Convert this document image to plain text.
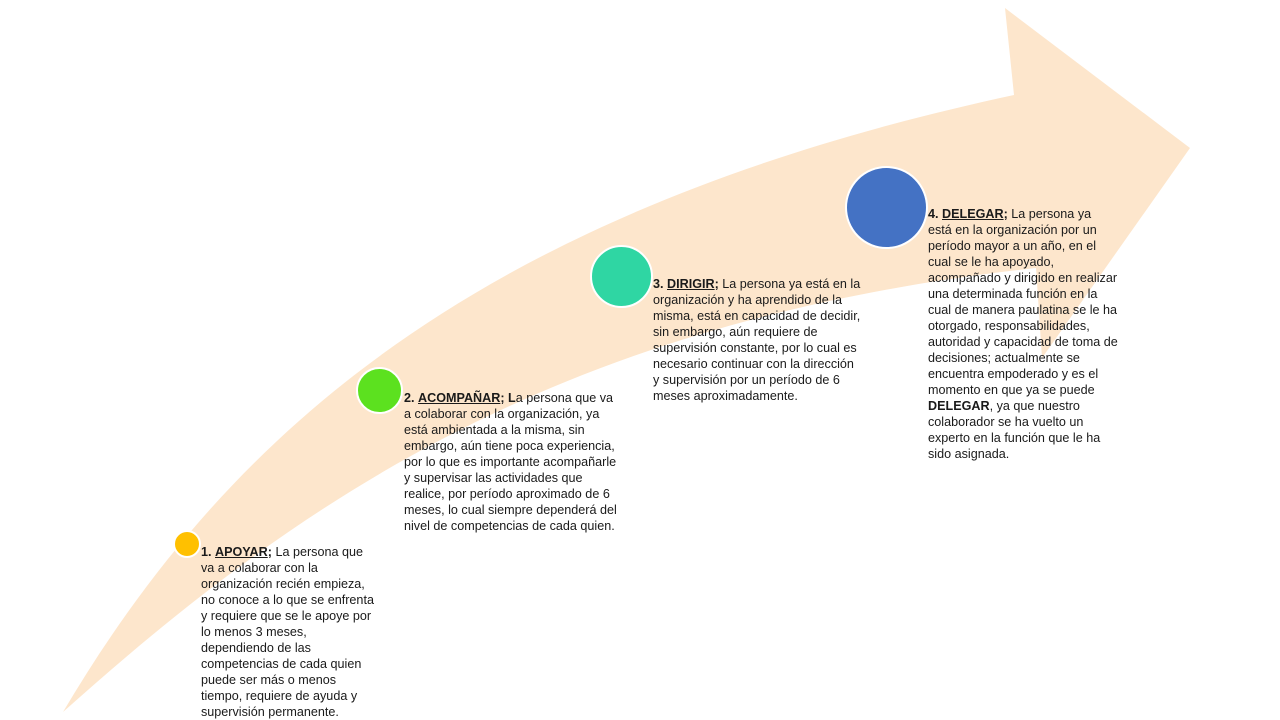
1. APOYAR; La persona que va a colaborar con la organización recién empieza, no conoce a lo que se enfrenta y requiere que se le apoye por lo menos 3 meses, dependiendo de las competencias de cada quien puede ser más o menos tiempo, requiere de ayuda y supervisión permanente.
2. ACOMPAÑAR; La persona que va a colaborar con la organización, ya está ambientada a la misma, sin embargo, aún tiene poca experiencia, por lo que es importante acompañarle y supervisar las actividades que realice, por período aproximado de 6 meses, lo cual siempre dependerá del nivel de competencias de cada quien.
3. DIRIGIR; La persona ya está en la organización y ha aprendido de la misma, está en capacidad de decidir, sin embargo, aún requiere de supervisión constante, por lo cual es necesario continuar con la dirección y supervisión por un período de 6 meses aproximadamente.
4. DELEGAR; La persona ya está en la organización por un período mayor a un año, en el cual se le ha apoyado, acompañado y dirigido en realizar una determinada función en la cual de manera paulatina se le ha otorgado, responsabilidades, autoridad y capacidad de toma de decisiones; actualmente se encuentra empoderado y es el momento en que ya se puede DELEGAR, ya que nuestro colaborador se ha vuelto un experto en la función que le ha sido asignada.
